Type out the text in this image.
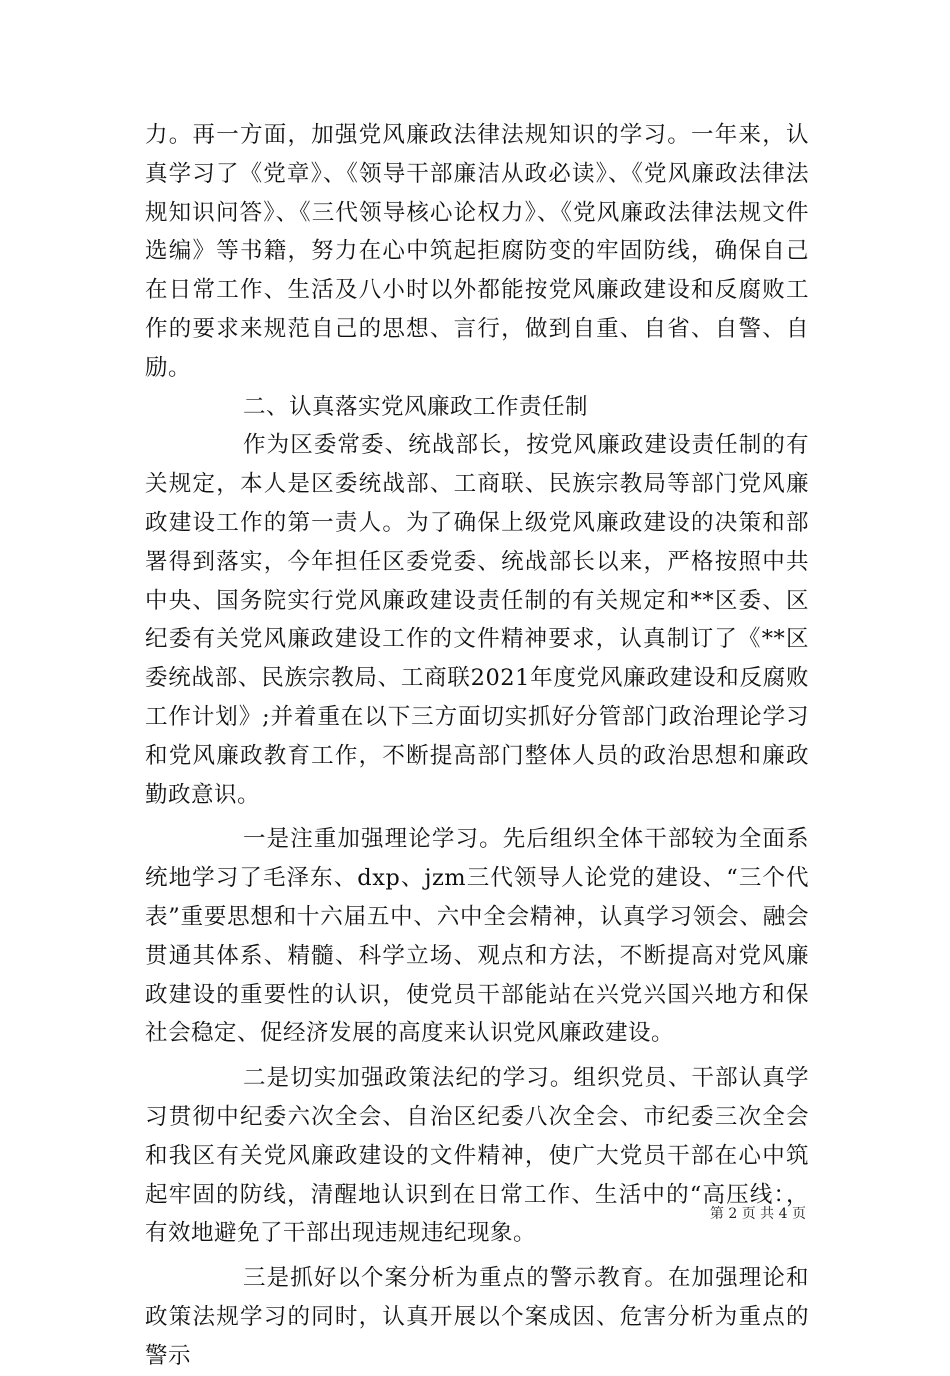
力。再一方面，加强党风廉政法律法规知识的学习。一年来，认真学习了《党章》、《领导干部廉洁从政必读》、《党风廉政法律法规知识问答》、《三代领导核心论权力》、《党风廉政法律法规文件选编》等书籍，努力在心中筑起拒腐防变的牢固防线，确保自己在日常工作、生活及八小时以外都能按党风廉政建设和反腐败工作的要求来规范自己的思想、言行，做到自重、自省、自警、自励。

二、认真落实党风廉政工作责任制

作为区委常委、统战部长，按党风廉政建设责任制的有关规定，本人是区委统战部、工商联、民族宗教局等部门党风廉政建设工作的第一责人。为了确保上级党风廉政建设的决策和部署得到落实，今年担任区委党委、统战部长以来，严格按照中共中央、国务院实行党风廉政建设责任制的有关规定和**区委、区纪委有关党风廉政建设工作的文件精神要求，认真制订了《**区委统战部、民族宗教局、工商联2021年度党风廉政建设和反腐败工作计划》;并着重在以下三方面切实抓好分管部门政治理论学习和党风廉政教育工作，不断提高部门整体人员的政治思想和廉政勤政意识。

一是注重加强理论学习。先后组织全体干部较为全面系统地学习了毛泽东、dxp、jzm三代领导人论党的建设、“三个代表”重要思想和十六届五中、六中全会精神，认真学习领会、融会贯通其体系、精髓、科学立场、观点和方法，不断提高对党风廉政建设的重要性的认识，使党员干部能站在兴党兴国兴地方和保社会稳定、促经济发展的高度来认识党风廉政建设。

二是切实加强政策法纪的学习。组织党员、干部认真学习贯彻中纪委六次全会、自治区纪委八次全会、市纪委三次全会和我区有关党风廉政建设的文件精神，使广大党员干部在心中筑起牢固的防线，清醒地认识到在日常工作、生活中的“高压线：，有效地避免了干部出现违规违纪现象。

三是抓好以个案分析为重点的警示教育。在加强理论和政策法规学习的同时，认真开展以个案成因、危害分析为重点的警示

第 2 页 共 4 页
